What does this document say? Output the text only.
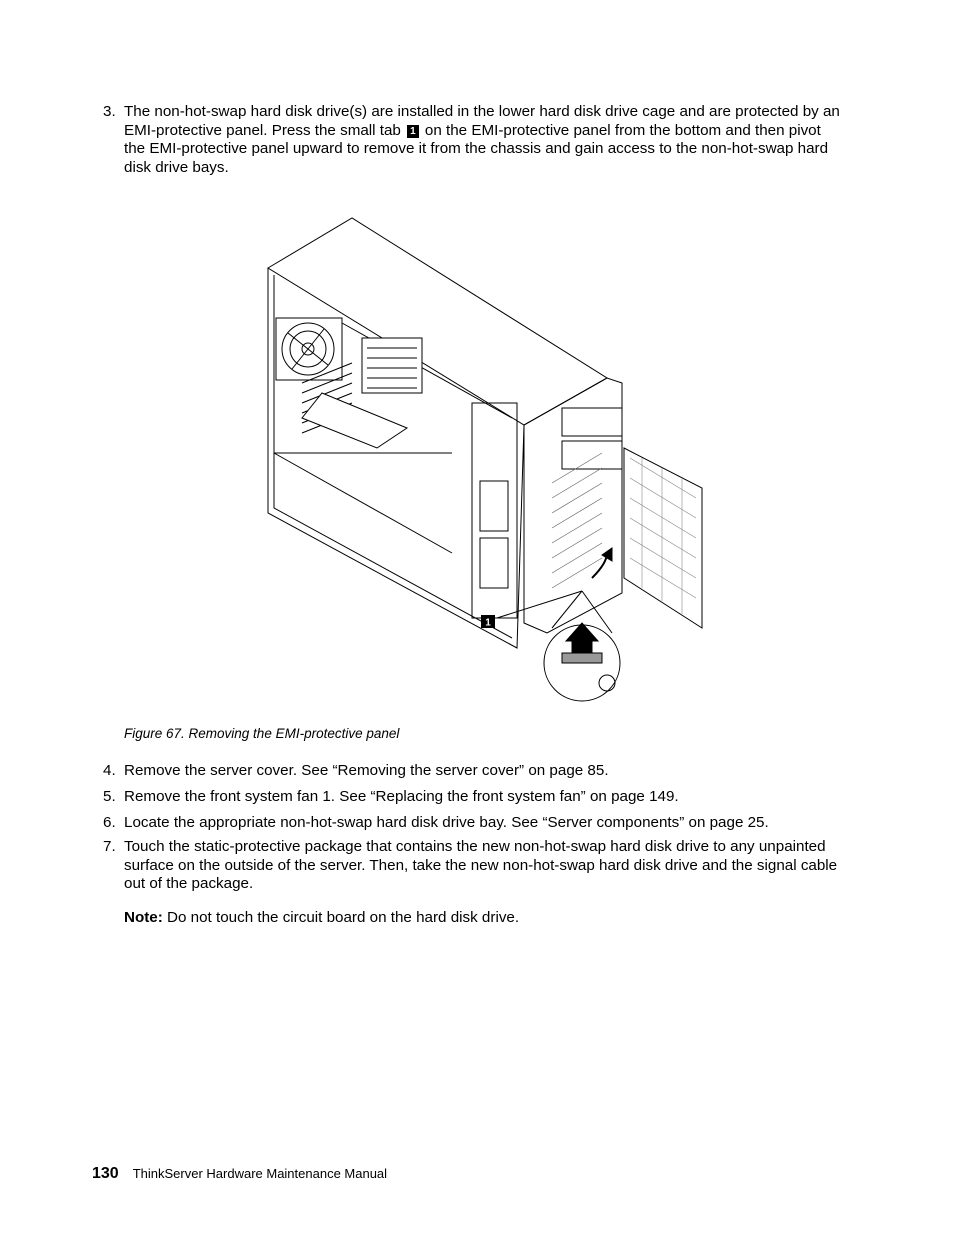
3. The non-hot-swap hard disk drive(s) are installed in the lower hard disk drive cage and are protected by an EMI-protective panel. Press the small tab 1 on the EMI-protective panel from the bottom and then pivot the EMI-protective panel upward to remove it from the chassis and gain access to the non-hot-swap hard disk drive bays.
1
Figure 67. Removing the EMI-protective panel
4. Remove the server cover. See “Removing the server cover” on page 85.
5. Remove the front system fan 1. See “Replacing the front system fan” on page 149.
6. Locate the appropriate non-hot-swap hard disk drive bay. See “Server components” on page 25.
7. Touch the static-protective package that contains the new non-hot-swap hard disk drive to any unpainted surface on the outside of the server. Then, take the new non-hot-swap hard disk drive and the signal cable out of the package.
Note: Do not touch the circuit board on the hard disk drive.
130 ThinkServer Hardware Maintenance Manual
